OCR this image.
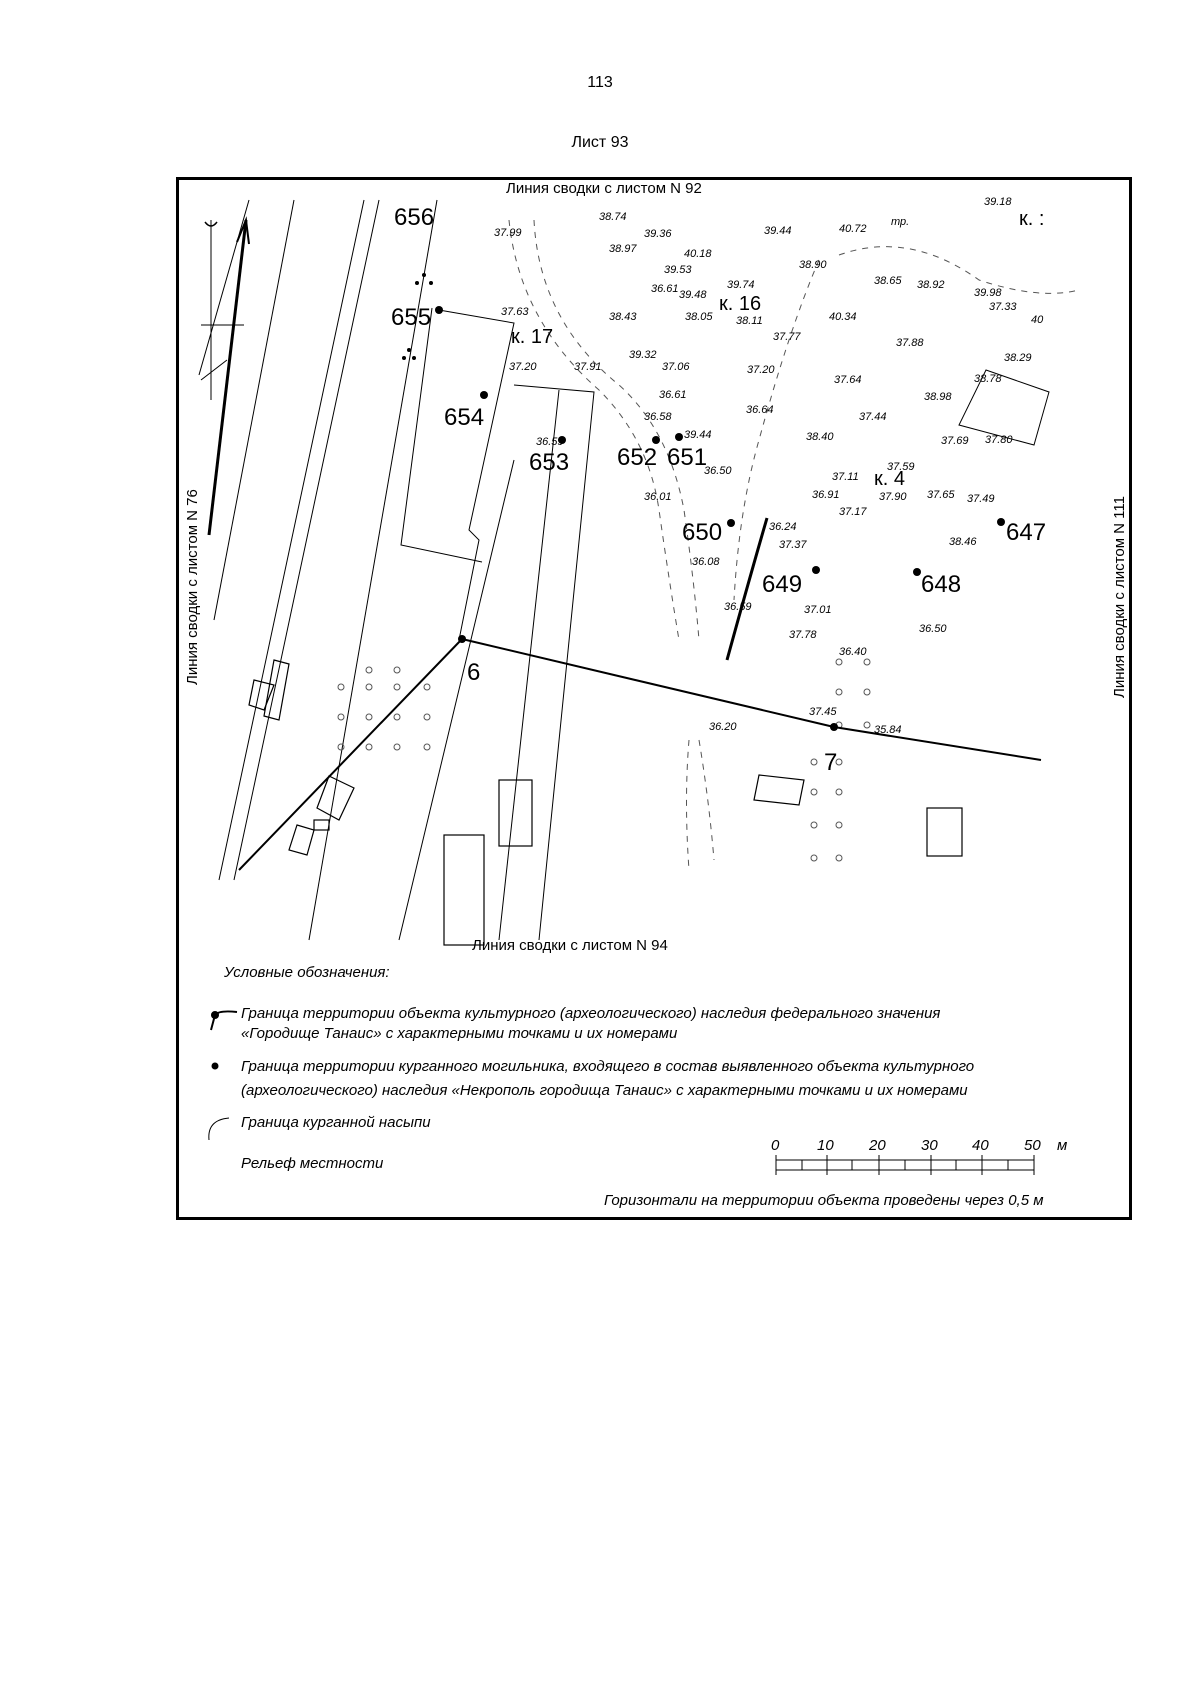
113
Лист 93
Линия сводки с листом N 92
Линия сводки с листом N 94
Линия сводки с листом N 76	Линия сводки с листом N 111
656
655
654
653 652 651
650
649	648
647
6
7
к. 17
к. 16
к. 4
к. :
тр.
39.18
38.74
37.99	39.36	39.44	40.72
38.97	40.18
39.53	38.90
38.65 38.92
39.98
37.33
40
36.61 39.48
39.74
38.43	38.05 38.11	40.34
37.63
37.77	37.88
38.29
39.32
37.06
37.20	37.91	37.20
38.78
36.61
37.64
38.98
36.58
36.64
37.44
36.59
39.44	38.40	37.69 37.80
36.50	37.11
37.59
36.01	36.91	37.90 37.65 37.49
37.17
36.24
38.46
36.08
37.37
36.59	37.01
37.78	36.50
36.40
37.45
35.84
36.20
Условные обозначения:
Граница территории объекта культурного (археологического) наследия федерального значения
«Городище Танаис» с характерными точками и их номерами
Граница территории курганного могильника, входящего в состав выявленного объекта культурного
(археологического) наследия «Некрополь городища Танаис» с характерными точками и их номерами
Граница курганной насыпи
Рельеф местности
0	10 20 30 40 50 м
Горизонтали на территории объекта проведены через 0,5 м
